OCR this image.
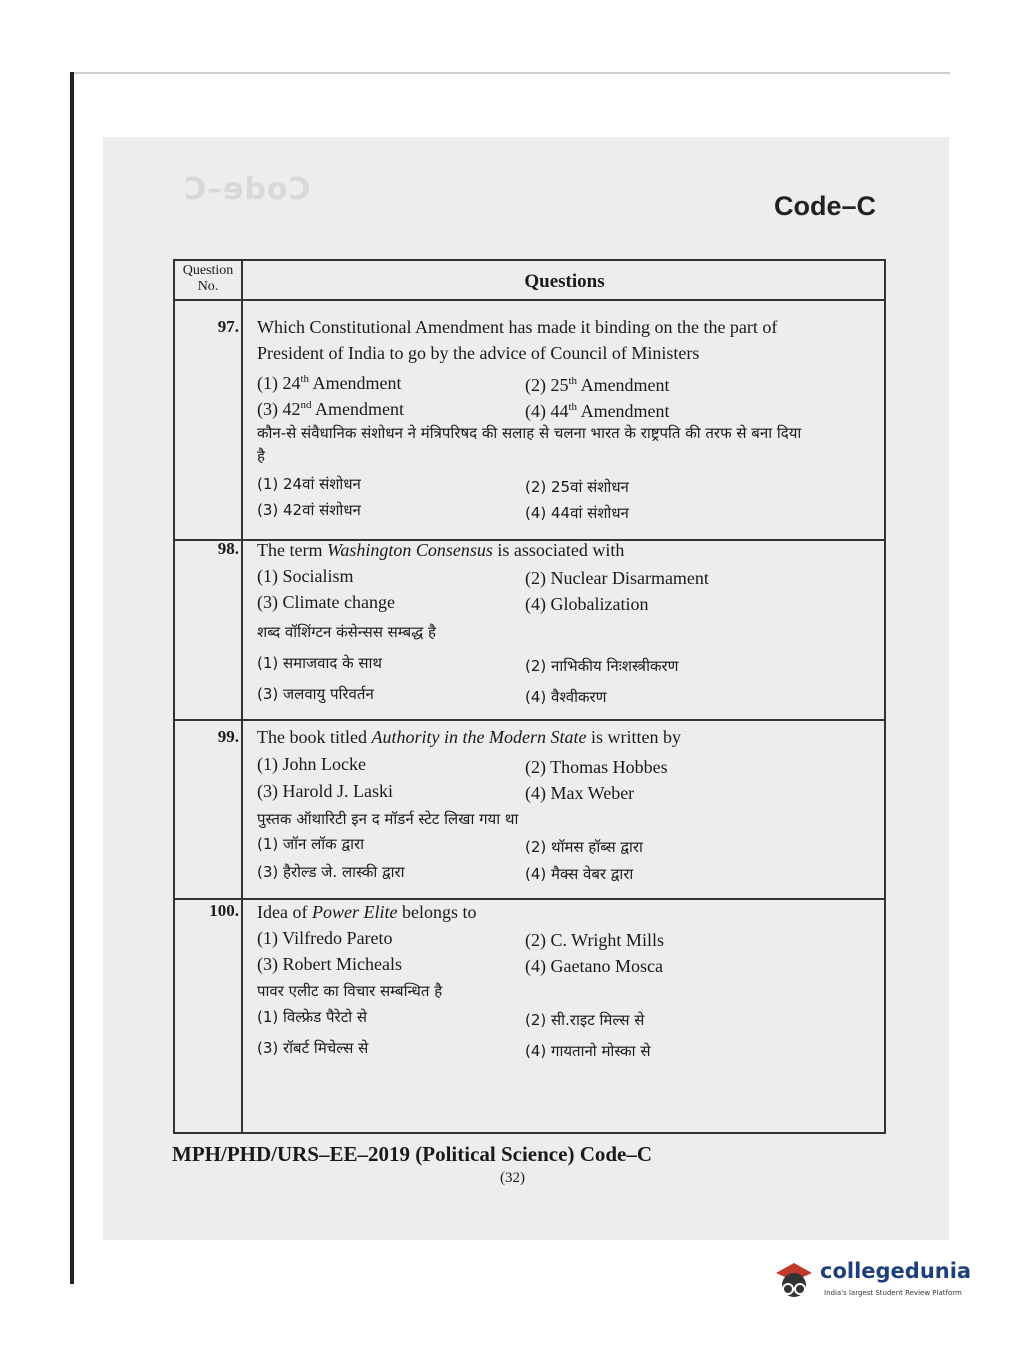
Code–C	Code–C
Question No.	Questions
97. Which Constitutional Amendment has made it binding on the the part of
President of India to go by the advice of Council of Ministers
(1) 24th Amendment	(2) 25th Amendment
(3) 42nd Amendment	(4) 44th Amendment
कौन-से संवैधानिक संशोधन ने मंत्रिपरिषद की सलाह से चलना भारत के राष्ट्रपति की तरफ से बना दिया
है
(1) 24वां संशोधन	(2) 25वां संशोधन
(3) 42वां संशोधन	(4) 44वां संशोधन
98. The term Washington Consensus is associated with
(1) Socialism	(2) Nuclear Disarmament
(3) Climate change	(4) Globalization
शब्द वॉशिंग्टन कंसेन्सस सम्बद्ध है
(1) समाजवाद के साथ	(2) नाभिकीय निःशस्त्रीकरण
(3) जलवायु परिवर्तन	(4) वैश्वीकरण
99. The book titled Authority in the Modern State is written by
(1) John Locke	(2) Thomas Hobbes
(3) Harold J. Laski	(4) Max Weber
पुस्तक ऑथारिटी इन द मॉडर्न स्टेट लिखा गया था
(1) जॉन लॉक द्वारा	(2) थॉमस हॉब्स द्वारा
(3) हैरोल्ड जे. लास्की द्वारा	(4) मैक्स वेबर द्वारा
100. Idea of Power Elite belongs to
(1) Vilfredo Pareto	(2) C. Wright Mills
(3) Robert Micheals	(4) Gaetano Mosca
पावर एलीट का विचार सम्बन्धित है
(1) विल्फ्रेड पैरेटो से	(2) सी.राइट मिल्स से
(3) रॉबर्ट मिचेल्स से	(4) गायतानो मोस्का से
MPH/PHD/URS–EE–2019 (Political Science) Code–C
(32)
collegedunia
India's largest Student Review Platform
